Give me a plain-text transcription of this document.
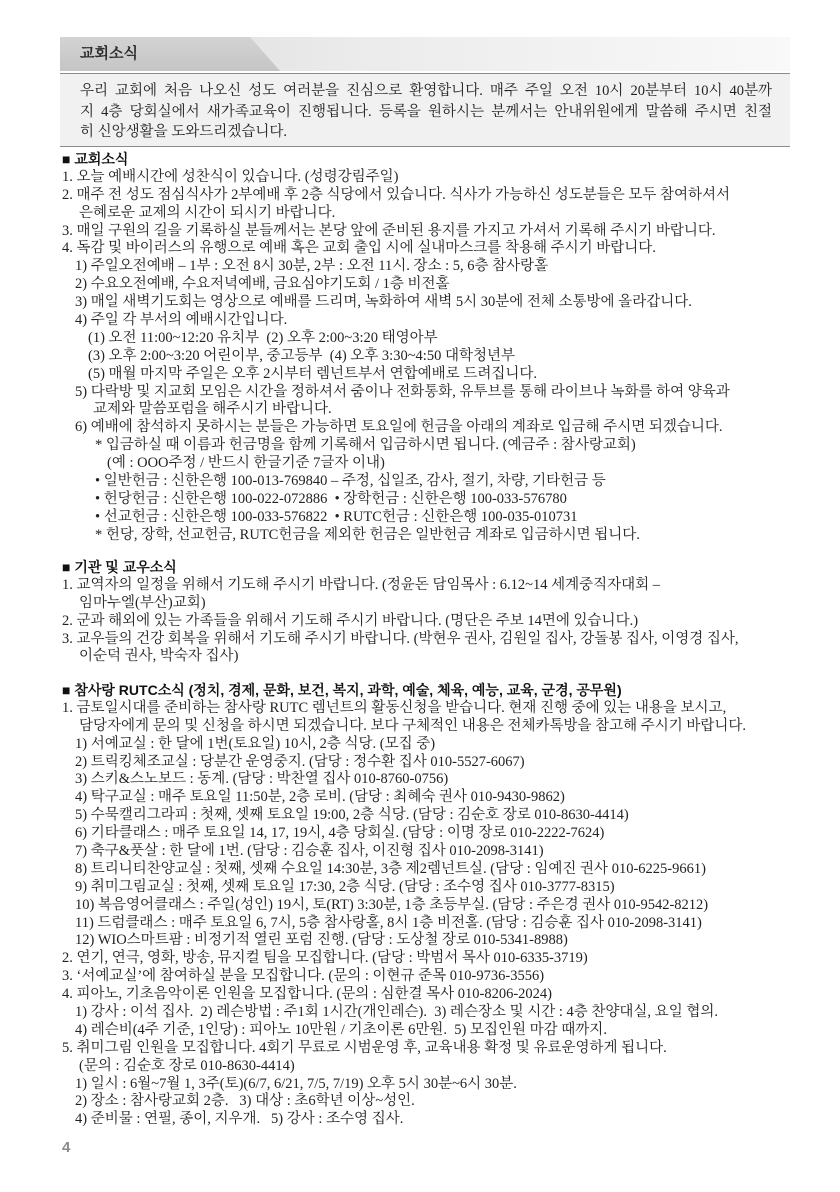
교회소식
우리 교회에 처음 나오신 성도 여러분을 진심으로 환영합니다. 매주 주일 오전 10시 20분부터 10시 40분까
지 4층 당회실에서 새가족교육이 진행됩니다. 등록을 원하시는 분께서는 안내위원에게 말씀해 주시면 친절
히 신앙생활을 도와드리겠습니다.
■ 교회소식
1. 오늘 예배시간에 성찬식이 있습니다. (성령강림주일)
2. 매주 전 성도 점심식사가 2부예배 후 2층 식당에서 있습니다. 식사가 가능하신 성도분들은 모두 참여하셔서
은혜로운 교제의 시간이 되시기 바랍니다.
3. 매일 구원의 길을 기록하실 분들께서는 본당 앞에 준비된 용지를 가지고 가셔서 기록해 주시기 바랍니다.
4. 독감 및 바이러스의 유행으로 예배 혹은 교회 출입 시에 실내마스크를 착용해 주시기 바랍니다.
1) 주일오전예배 – 1부 : 오전 8시 30분, 2부 : 오전 11시. 장소 : 5, 6층 참사랑홀
2) 수요오전예배, 수요저녁예배, 금요심야기도회 / 1층 비전홀
3) 매일 새벽기도회는 영상으로 예배를 드리며, 녹화하여 새벽 5시 30분에 전체 소통방에 올라갑니다.
4) 주일 각 부서의 예배시간입니다.
(1) 오전 11:00~12:20 유치부  (2) 오후 2:00~3:20 태영아부
(3) 오후 2:00~3:20 어린이부, 중고등부  (4) 오후 3:30~4:50 대학청년부
(5) 매월 마지막 주일은 오후 2시부터 렘넌트부서 연합예배로 드려집니다.
5) 다락방 및 지교회 모임은 시간을 정하셔서 줌이나 전화통화, 유투브를 통해 라이브나 녹화를 하여 양육과
교제와 말씀포럼을 해주시기 바랍니다.
6) 예배에 참석하지 못하시는 분들은 가능하면 토요일에 헌금을 아래의 계좌로 입금해 주시면 되겠습니다.
* 입금하실 때 이름과 헌금명을 함께 기록해서 입금하시면 됩니다. (예금주 : 참사랑교회)
(예 : OOO주정 / 반드시 한글기준 7글자 이내)
• 일반헌금 : 신한은행 100-013-769840 – 주정, 십일조, 감사, 절기, 차량, 기타헌금 등
• 헌당헌금 : 신한은행 100-022-072886  • 장학헌금 : 신한은행 100-033-576780
• 선교헌금 : 신한은행 100-033-576822  • RUTC헌금 : 신한은행 100-035-010731
* 헌당, 장학, 선교헌금, RUTC헌금을 제외한 헌금은 일반헌금 계좌로 입금하시면 됩니다.
■ 기관 및 교우소식
1. 교역자의 일정을 위해서 기도해 주시기 바랍니다. (정윤돈 담임목사 : 6.12~14 세계중직자대회 –
임마누엘(부산)교회)
2. 군과 해외에 있는 가족들을 위해서 기도해 주시기 바랍니다. (명단은 주보 14면에 있습니다.)
3. 교우들의 건강 회복을 위해서 기도해 주시기 바랍니다. (박현우 권사, 김원일 집사, 강돌봉 집사, 이영경 집사,
이순덕 권사, 박숙자 집사)
■ 참사랑 RUTC소식 (정치, 경제, 문화, 보건, 복지, 과학, 예술, 체육, 예능, 교육, 군경, 공무원)
1. 금토일시대를 준비하는 참사랑 RUTC 렘넌트의 활동신청을 받습니다. 현재 진행 중에 있는 내용을 보시고,
담당자에게 문의 및 신청을 하시면 되겠습니다. 보다 구체적인 내용은 전체카톡방을 참고해 주시기 바랍니다.
1) 서예교실 : 한 달에 1번(토요일) 10시, 2층 식당. (모집 중)
2) 트릭킹체조교실 : 당분간 운영중지. (담당 : 정수환 집사 010-5527-6067)
3) 스키&스노보드 : 동계. (담당 : 박찬열 집사 010-8760-0756)
4) 탁구교실 : 매주 토요일 11:50분, 2층 로비. (담당 : 최혜숙 권사 010-9430-9862)
5) 수묵캘리그라피 : 첫째, 셋째 토요일 19:00, 2층 식당. (담당 : 김순호 장로 010-8630-4414)
6) 기타클래스 : 매주 토요일 14, 17, 19시, 4층 당회실. (담당 : 이명 장로 010-2222-7624)
7) 축구&풋살 : 한 달에 1번. (담당 : 김승훈 집사, 이진형 집사 010-2098-3141)
8) 트리니티찬양교실 : 첫째, 셋째 수요일 14:30분, 3층 제2렘넌트실. (담당 : 임예진 권사 010-6225-9661)
9) 취미그림교실 : 첫째, 셋째 토요일 17:30, 2층 식당. (담당 : 조수영 집사 010-3777-8315)
10) 복음영어클래스 : 주일(성인) 19시, 토(RT) 3:30분, 1층 초등부실. (담당 : 주은경 권사 010-9542-8212)
11) 드럼클래스 : 매주 토요일 6, 7시, 5층 참사랑홀, 8시 1층 비전홀. (담당 : 김승훈 집사 010-2098-3141)
12) WIO스마트팜 : 비정기적 열린 포럼 진행. (담당 : 도상철 장로 010-5341-8988)
2. 연기, 연극, 영화, 방송, 뮤지컬 팀을 모집합니다. (담당 : 박범서 목사 010-6335-3719)
3. ‘서예교실’에 참여하실 분을 모집합니다. (문의 : 이현규 준목 010-9736-3556)
4. 피아노, 기초음악이론 인원을 모집합니다. (문의 : 심한결 목사 010-8206-2024)
1) 강사 : 이석 집사.  2) 레슨방법 : 주1회 1시간(개인레슨).  3) 레슨장소 및 시간 : 4층 찬양대실, 요일 협의.
4) 레슨비(4주 기준, 1인당) : 피아노 10만원 / 기초이론 6만원.  5) 모집인원 마감 때까지.
5. 취미그림 인원을 모집합니다. 4회기 무료로 시범운영 후, 교육내용 확정 및 유료운영하게 됩니다.
(문의 : 김순호 장로 010-8630-4414)
1) 일시 : 6월~7월 1, 3주(토)(6/7, 6/21, 7/5, 7/19) 오후 5시 30분~6시 30분.
2) 장소 : 참사랑교회 2층.   3) 대상 : 초6학년 이상~성인.
4) 준비물 : 연필, 종이, 지우개.   5) 강사 : 조수영 집사.
4
